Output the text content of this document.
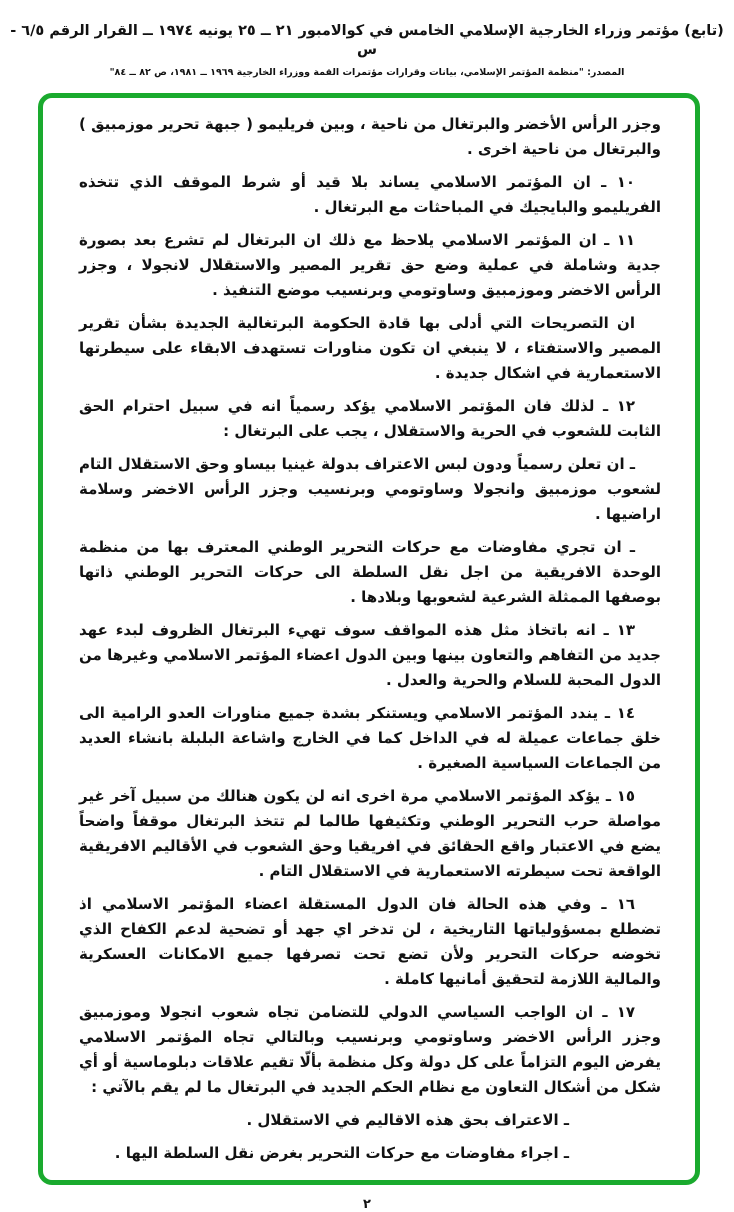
(تابع) مؤتمر وزراء الخارجية الإسلامي الخامس في كوالامبور ٢١ ــ ٢٥ يونيه ١٩٧٤ ــ القرار الرقم ٦/٥ - س
المصدر: "منظمة المؤتمر الإسلامي، بيانات وقرارات مؤتمرات القمة ووزراء الخارجية ١٩٦٩ ــ ١٩٨١، ص ٨٢ ــ ٨٤"

وجزر الرأس الأخضر والبرتغال من ناحية ، وبين فريليمو ( جبهة تحرير موزمبيق ) والبرتغال من ناحية اخرى .

١٠ ـ ان المؤتمر الاسلامي يساند بلا قيد أو شرط الموقف الذي تتخذه الفريليمو والبايجيك في المباحثات مع البرتغال .

١١ ـ ان المؤتمر الاسلامي يلاحظ مع ذلك ان البرتغال لم تشرع بعد بصورة جدية وشاملة في عملية وضع حق تقرير المصير والاستقلال لانجولا ، وجزر الرأس الاخضر وموزمبيق وساوتومي وبرنسيب موضع التنفيذ .

ان التصريحات التي أدلى بها قادة الحكومة البرتغالية الجديدة بشأن تقرير المصير والاستفتاء ، لا ينبغي ان تكون مناورات تستهدف الابقاء على سيطرتها الاستعمارية في اشكال جديدة .

١٢ ـ لذلك فان المؤتمر الاسلامي يؤكد رسمياً انه في سبيل احترام الحق الثابت للشعوب في الحرية والاستقلال ، يجب على البرتغال :

ـ ان تعلن رسمياً ودون لبس الاعتراف بدولة غينيا بيساو وحق الاستقلال التام لشعوب موزمبيق وانجولا وساوتومي وبرنسيب وجزر الرأس الاخضر وسلامة اراضيها .

ـ ان تجري مفاوضات مع حركات التحرير الوطني المعترف بها من منظمة الوحدة الافريقية من اجل نقل السلطة الى حركات التحرير الوطني ذاتها بوصفها الممثلة الشرعية لشعوبها وبلادها .

١٣ ـ انه باتخاذ مثل هذه المواقف سوف تهيء البرتغال الظروف لبدء عهد جديد من التفاهم والتعاون بينها وبين الدول اعضاء المؤتمر الاسلامي وغيرها من الدول المحبة للسلام والحرية والعدل .

١٤ ـ يندد المؤتمر الاسلامي ويستنكر بشدة جميع مناورات العدو الرامية الى خلق جماعات عميلة له في الداخل كما في الخارج واشاعة البلبلة بانشاء العديد من الجماعات السياسية الصغيرة .

١٥ ـ يؤكد المؤتمر الاسلامي مرة اخرى انه لن يكون هنالك من سبيل آخر غير مواصلة حرب التحرير الوطني وتكثيفها طالما لم تتخذ البرتغال موقفاً واضحاً يضع في الاعتبار واقع الحقائق في افريقيا وحق الشعوب في الأقاليم الافريقية الواقعة تحت سيطرته الاستعمارية في الاستقلال التام .

١٦ ـ وفي هذه الحالة فان الدول المستقلة اعضاء المؤتمر الاسلامي اذ تضطلع بمسؤولياتها التاريخية ، لن تدخر اي جهد أو تضحية لدعم الكفاح الذي تخوضه حركات التحرير ولأن تضع تحت تصرفها جميع الامكانات العسكرية والمالية اللازمة لتحقيق أمانيها كاملة .

١٧ ـ ان الواجب السياسي الدولي للتضامن تجاه شعوب انجولا وموزمبيق وجزر الرأس الاخضر وساوتومي وبرنسيب وبالتالي تجاه المؤتمر الاسلامي يفرض اليوم التزاماً على كل دولة وكل منظمة بألّا تقيم علاقات دبلوماسية أو أي شكل من أشكال التعاون مع نظام الحكم الجديد في البرتغال ما لم يقم بالآتي :

ـ الاعتراف بحق هذه الاقاليم في الاستقلال .

ـ اجراء مفاوضات مع حركات التحرير بغرض نقل السلطة اليها .

٢
